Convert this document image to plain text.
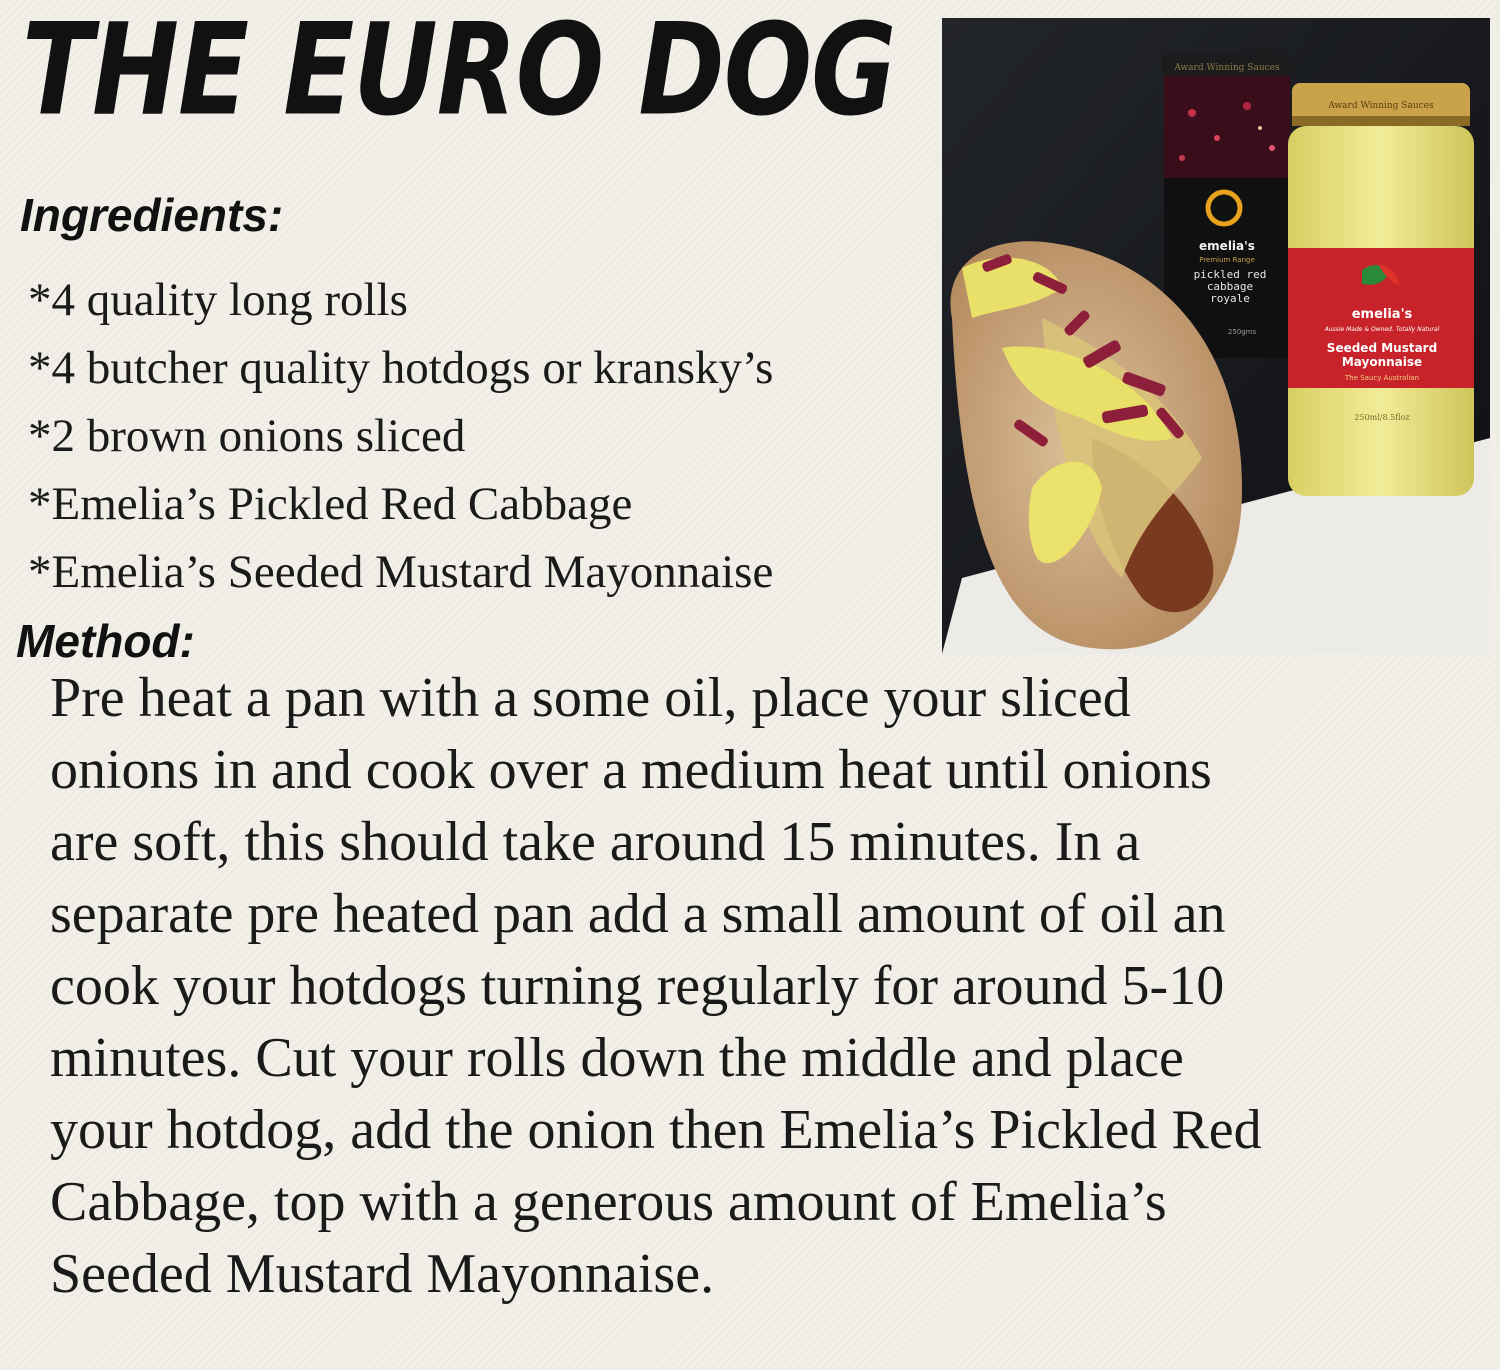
THE EURO DOG
Ingredients:
*4 quality long rolls
*4 butcher quality hotdogs or kransky’s
*2 brown onions sliced
*Emelia’s Pickled Red Cabbage
*Emelia’s Seeded Mustard Mayonnaise
Method:

Pre heat a pan with a some oil, place your sliced onions in and cook over a medium heat until onions are soft, this should take around 15 minutes. In a separate pre heated pan add a small amount of oil an cook your hotdogs turning regularly for around 5-10 minutes. Cut your rolls down the middle and place your hotdog, add the onion then Emelia’s Pickled Red Cabbage, top with a generous amount of Emelia’s Seeded Mustard Mayonnaise.

Award Winning Sauces
emelia's
Premium Range
pickled red
cabbage
royale
250gms
Award Winning Sauces
emelia's
Aussie Made & Owned. Totally Natural
Seeded Mustard
Mayonnaise
The Saucy Australian
250ml/8.5floz
